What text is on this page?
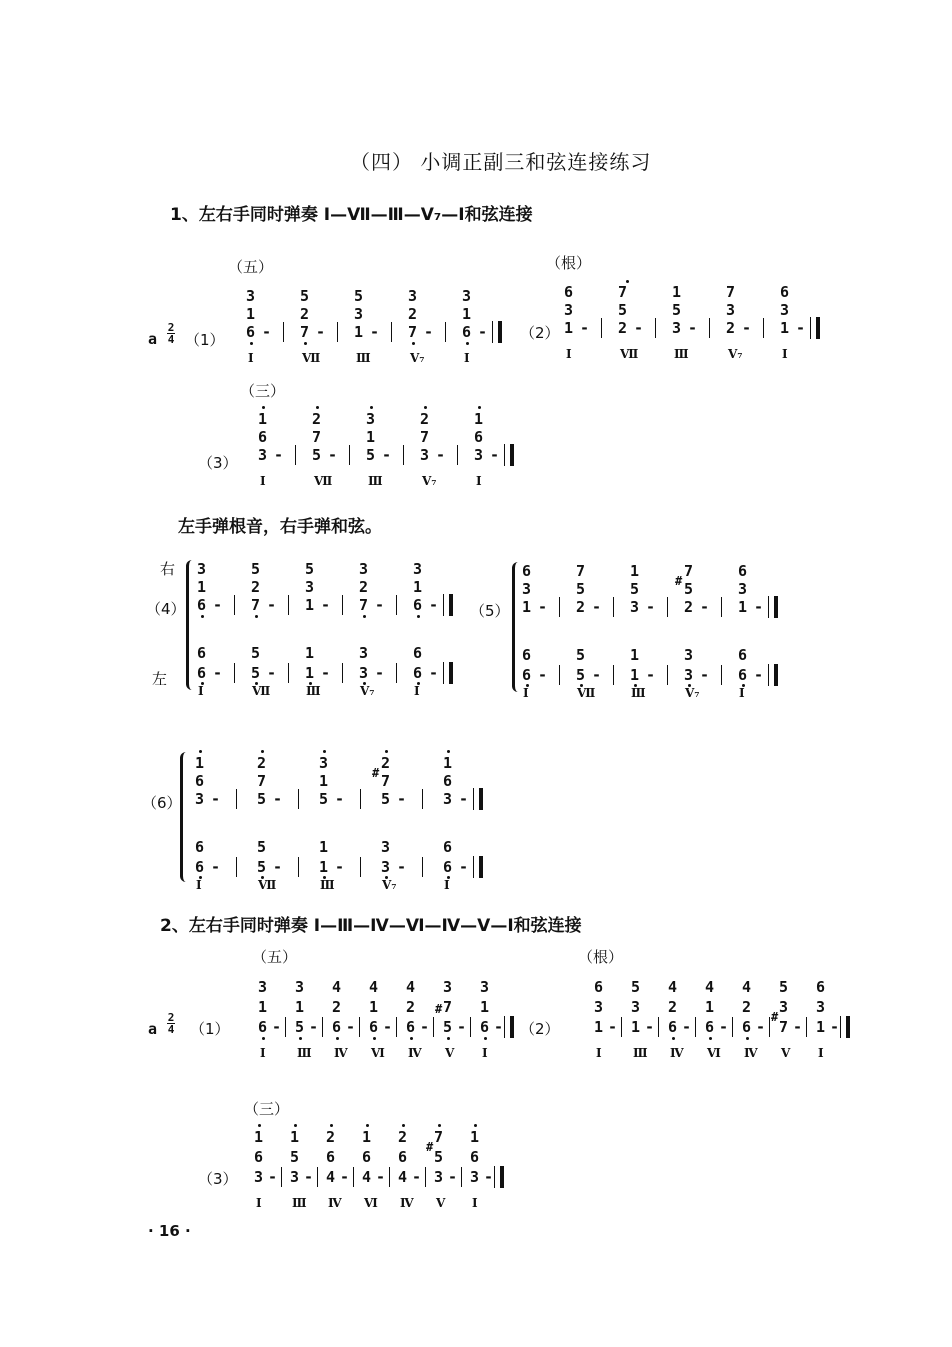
（四） 小调正副三和弦连接练习
1、左右手同时弹奏 Ⅰ—Ⅶ—Ⅲ—V₇—Ⅰ和弦连接
a
2
4 （1）
（五）
3	5	5	3	3
1	2	3	2	1
6 - 7 - 1 - 7 - 6 -
Ⅰ	Ⅶ	Ⅲ	V₇	Ⅰ
（2）
（根）
6	7	1	7	6
3	5	5	3	3
1 - 2 - 3 - 2 - 1 -
Ⅰ	Ⅶ	Ⅲ	V₇	Ⅰ
（3）
（三）
1	2	3	2	1
6	7	1	7	6
3 - 5 - 5 - 3 - 3 -
Ⅰ	Ⅶ	Ⅲ	V₇	Ⅰ
右
左
（4）
3	5	5	3	3
1	2	3	2	1
6 - 7 - 1 - 7 - 6 -
6	5	1	3	6
6 - 5 - 1 - 3 - 6 -
Ⅰ	Ⅶ	Ⅲ	V₇	Ⅰ
（5）
6	7	1	7	6
3	5	5	5	3
1 - 2 - 3 - 2 - 1 -
#
6	5	1	3	6
6 - 5 - 1 - 3 - 6 -
Ⅰ	Ⅶ	Ⅲ	V₇	Ⅰ
（6）
1	2	3	2	1
6	7	1	7	6
3 - 5 - 5 - 5 - 3 -
#
6	5	1	3	6
6 - 5 - 1 - 3 - 6 -
Ⅰ	Ⅶ	Ⅲ	V₇	Ⅰ
a
2
4 （1）
（五）
3 3 4 4 4 3 3
1 1 2 1 2 7 1
6 - 5 - 6 - 6 - 6 - 5 - 6 -
#
Ⅰ	Ⅲ Ⅳ Ⅵ Ⅳ V Ⅰ
（2）
（根）
6 5 4 4 4 5 6
3 3 2 1 2 3 3
1 - 1 - 6 - 6 - 6 - 7 - 1 -
#
Ⅰ	Ⅲ Ⅳ Ⅵ Ⅳ V Ⅰ
（3）
（三）
1 1 2 1 2 7 1
6 5 6 6 6 5 6
3 - 3 - 4 - 4 - 4 - 3 - 3 -
#
Ⅰ	Ⅲ Ⅳ Ⅵ Ⅳ V Ⅰ
左手弹根音，右手弹和弦。
2、左右手同时弹奏 Ⅰ—Ⅲ—Ⅳ—Ⅵ—Ⅳ—V—Ⅰ和弦连接
· 16 ·
